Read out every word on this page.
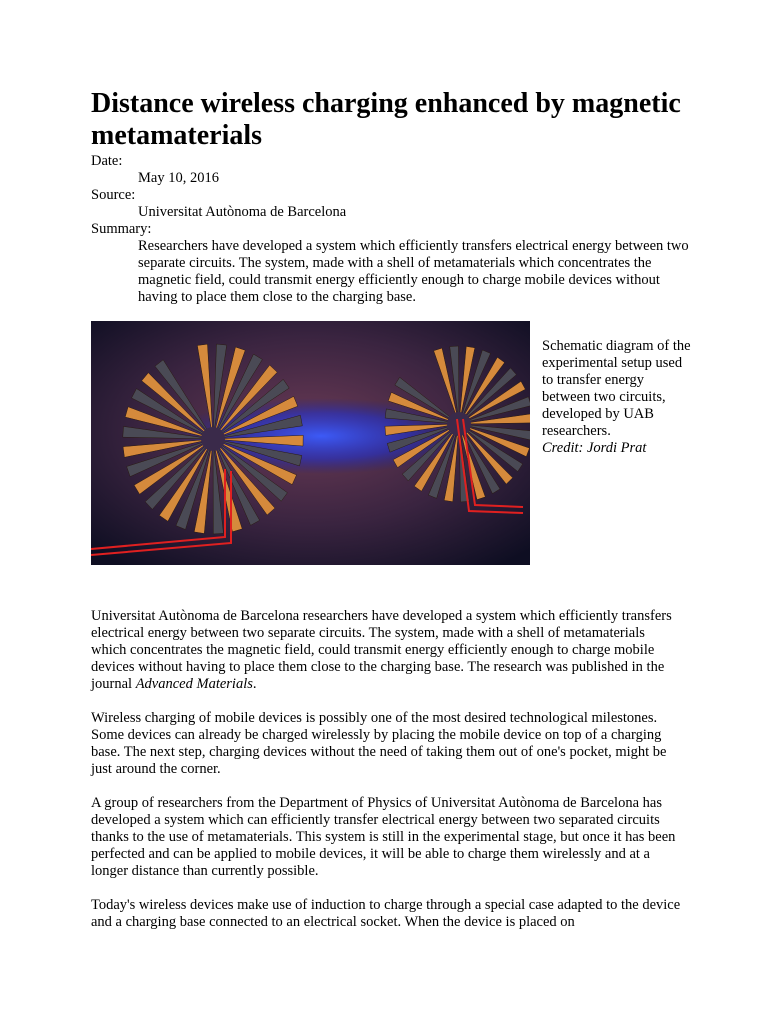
Distance wireless charging enhanced by magnetic metamaterials
Date:
May 10, 2016
Source:
Universitat Autònoma de Barcelona
Summary:
Researchers have developed a system which efficiently transfers electrical energy between two separate circuits. The system, made with a shell of metamaterials which concentrates the magnetic field, could transmit energy efficiently enough to charge mobile devices without having to place them close to the charging base.
Schematic diagram of the experimental setup used to transfer energy between two circuits, developed by UAB researchers.
Credit: Jordi Prat

Universitat Autònoma de Barcelona researchers have developed a system which efficiently transfers electrical energy between two separate circuits. The system, made with a shell of metamaterials which concentrates the magnetic field, could transmit energy efficiently enough to charge mobile devices without having to place them close to the charging base. The research was published in the journal Advanced Materials.

Wireless charging of mobile devices is possibly one of the most desired technological milestones. Some devices can already be charged wirelessly by placing the mobile device on top of a charging base. The next step, charging devices without the need of taking them out of one's pocket, might be just around the corner.

A group of researchers from the Department of Physics of Universitat Autònoma de Barcelona has developed a system which can efficiently transfer electrical energy between two separated circuits thanks to the use of metamaterials. This system is still in the experimental stage, but once it has been perfected and can be applied to mobile devices, it will be able to charge them wirelessly and at a longer distance than currently possible.

Today's wireless devices make use of induction to charge through a special case adapted to the device and a charging base connected to an electrical socket. When the device is placed on
